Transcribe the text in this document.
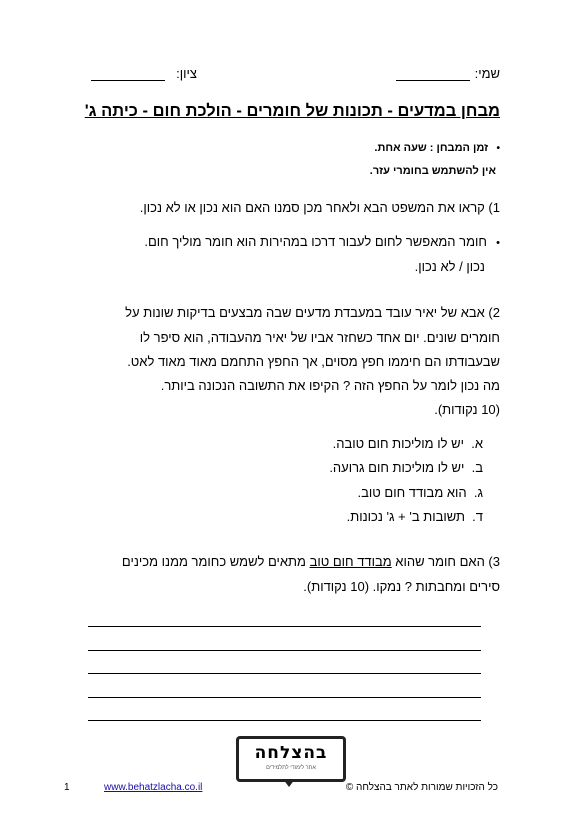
שמי:
ציון:
מבחן במדעים - תכונות של חומרים - הולכת חום - כיתה ג'
•   זמן המבחן : שעה אחת.
אין להשתמש בחומרי עזר.
1) קראו את המשפט הבא ולאחר מכן סמנו האם הוא נכון או לא נכון.
•   חומר המאפשר לחום לעבור דרכו במהירות הוא חומר מוליך חום.
נכון / לא נכון.
2) אבא של יאיר עובד במעבדת מדעים שבה מבצעים בדיקות שונות על
חומרים שונים. יום אחד כשחזר אביו של יאיר מהעבודה, הוא סיפר לו
שבעבודתו הם חיממו חפץ מסוים, אך החפץ התחמם מאוד מאוד לאט.
מה נכון לומר על החפץ הזה ? הקיפו את התשובה הנכונה ביותר.
(10 נקודות).
א.  יש לו מוליכות חום טובה.
ב.  יש לו מוליכות חום גרועה.
ג.  הוא מבודד חום טוב.
ד.  תשובות ב' + ג' נכונות.
3) האם חומר שהוא מבודד חום טוב מתאים לשמש כחומר ממנו מכינים
סירים ומחבתות ? נמקו. (10 נקודות).
בהצלחה
אתר לימודי לתלמידים
כל הזכויות שמורות לאתר בהצלחה ©
www.behatzlacha.co.il
1
